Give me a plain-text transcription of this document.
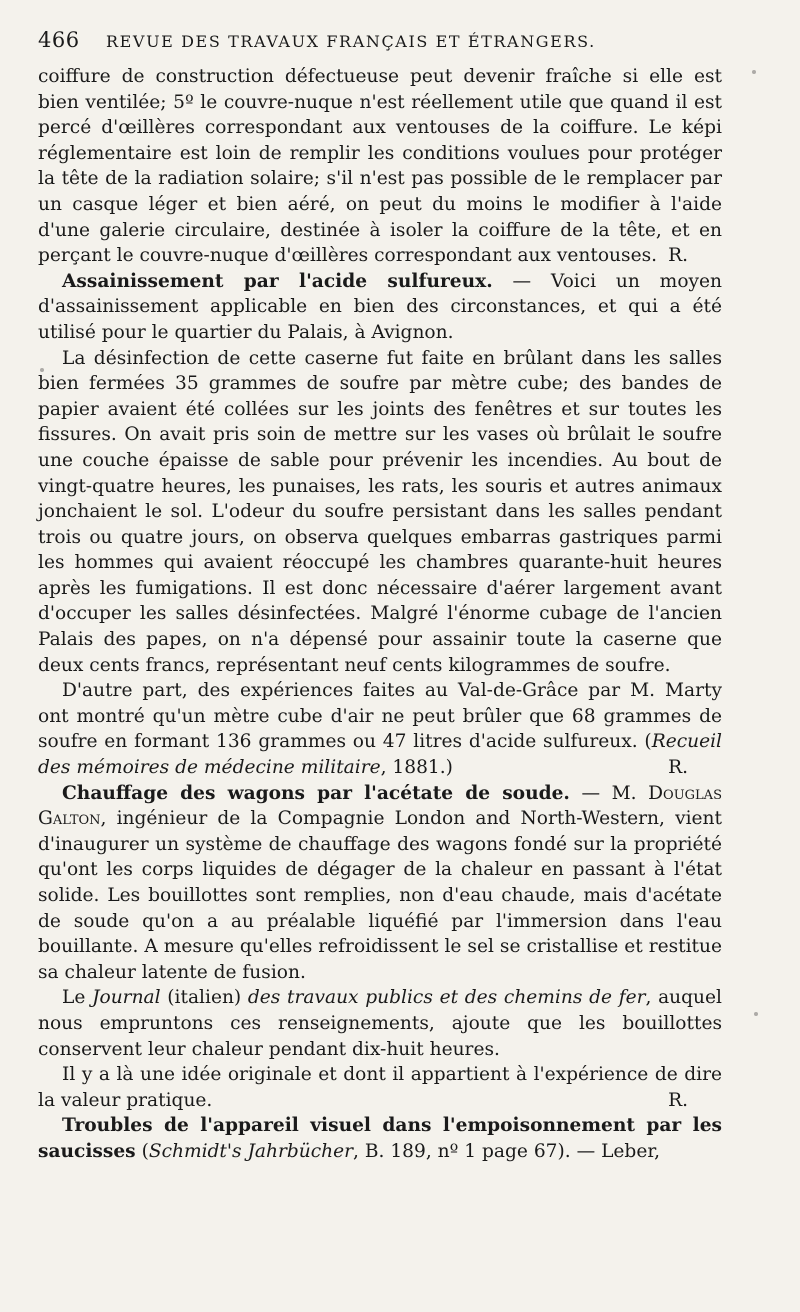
466	REVUE DES TRAVAUX FRANÇAIS ET ÉTRANGERS.

coiffure de construction défectueuse peut devenir fraîche si elle est bien ventilée; 5º le couvre-nuque n'est réellement utile que quand il est percé d'œillères correspondant aux ventouses de la coiffure. Le képi réglementaire est loin de remplir les conditions voulues pour protéger la tête de la radiation solaire; s'il n'est pas possible de le remplacer par un casque léger et bien aéré, on peut du moins le modifier à l'aide d'une galerie circulaire, destinée à isoler la coiffure de la tête, et en perçant le couvre-nuque d'œillères correspondant aux ventouses. R.

Assainissement par l'acide sulfureux. — Voici un moyen d'assainissement applicable en bien des circonstances, et qui a été utilisé pour le quartier du Palais, à Avignon.

La désinfection de cette caserne fut faite en brûlant dans les salles bien fermées 35 grammes de soufre par mètre cube; des bandes de papier avaient été collées sur les joints des fenêtres et sur toutes les fissures. On avait pris soin de mettre sur les vases où brûlait le soufre une couche épaisse de sable pour prévenir les incendies. Au bout de vingt-quatre heures, les punaises, les rats, les souris et autres animaux jonchaient le sol. L'odeur du soufre persistant dans les salles pendant trois ou quatre jours, on observa quelques embarras gastriques parmi les hommes qui avaient réoccupé les chambres quarante-huit heures après les fumigations. Il est donc nécessaire d'aérer largement avant d'occuper les salles désinfectées. Malgré l'énorme cubage de l'ancien Palais des papes, on n'a dépensé pour assainir toute la caserne que deux cents francs, représentant neuf cents kilogrammes de soufre.

D'autre part, des expériences faites au Val-de-Grâce par M. Marty ont montré qu'un mètre cube d'air ne peut brûler que 68 grammes de soufre en formant 136 grammes ou 47 litres d'acide sulfureux. (Recueil des mémoires de médecine militaire, 1881.)	R.

Chauffage des wagons par l'acétate de soude. — M. Douglas Galton, ingénieur de la Compagnie London and North-Western, vient d'inaugurer un système de chauffage des wagons fondé sur la propriété qu'ont les corps liquides de dégager de la chaleur en passant à l'état solide. Les bouillottes sont remplies, non d'eau chaude, mais d'acétate de soude qu'on a au préalable liquéfié par l'immersion dans l'eau bouillante. A mesure qu'elles refroidissent le sel se cristallise et restitue sa chaleur latente de fusion.

Le Journal (italien) des travaux publics et des chemins de fer, auquel nous empruntons ces renseignements, ajoute que les bouillottes conservent leur chaleur pendant dix-huit heures.

Il y a là une idée originale et dont il appartient à l'expérience de dire la valeur pratique.	R.

Troubles de l'appareil visuel dans l'empoisonnement par les saucisses (Schmidt's Jahrbücher, B. 189, nº 1 page 67). — Leber,
